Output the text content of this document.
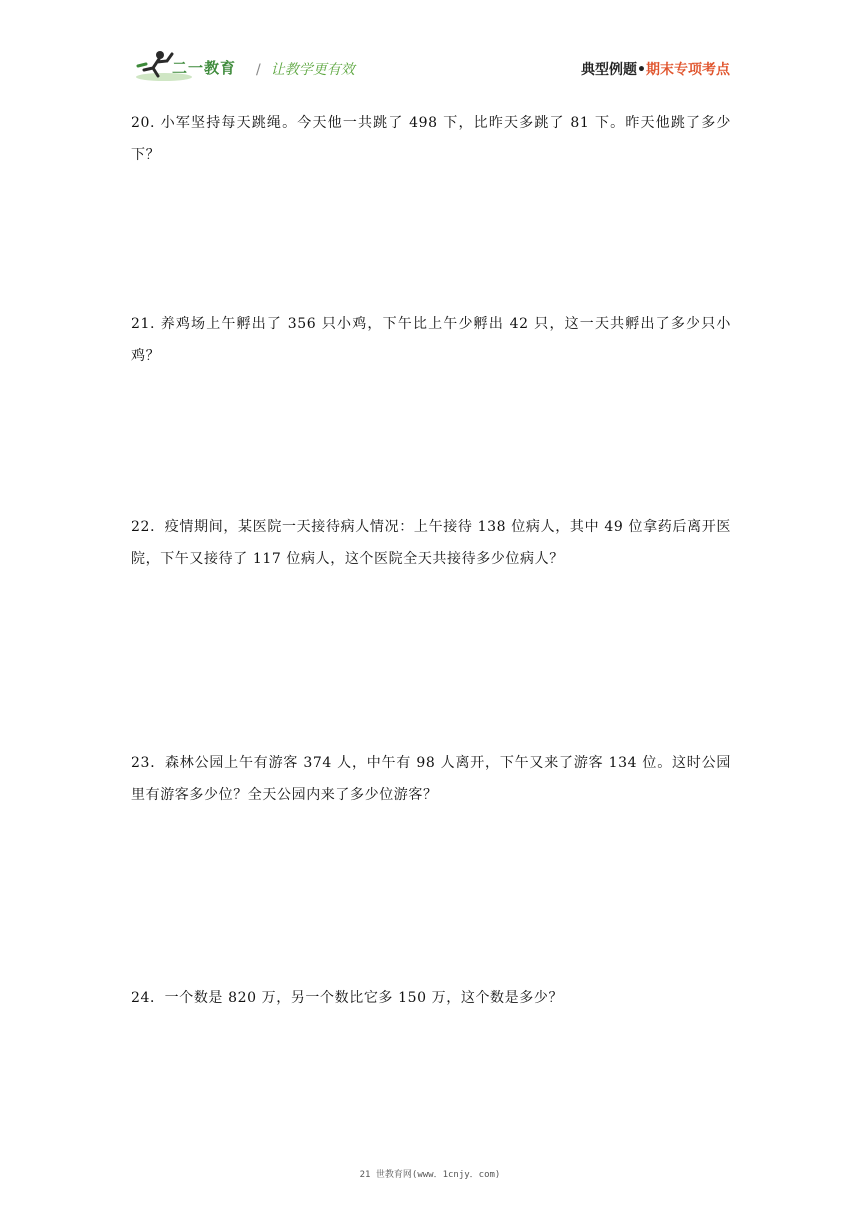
二一教育 / 让教学更有效	典型例题•期末专项考点
20. 小军坚持每天跳绳。今天他一共跳了 498 下，比昨天多跳了 81 下。昨天他跳了多少下？
21. 养鸡场上午孵出了 356 只小鸡，下午比上午少孵出 42 只，这一天共孵出了多少只小鸡？
22．疫情期间，某医院一天接待病人情况：上午接待 138 位病人，其中 49 位拿药后离开医院，下午又接待了 117 位病人，这个医院全天共接待多少位病人？
23．森林公园上午有游客 374 人，中午有 98 人离开，下午又来了游客 134 位。这时公园里有游客多少位？全天公园内来了多少位游客？
24．一个数是 820 万，另一个数比它多 150 万，这个数是多少？
21 世教育网(www．1cnjy．com)
